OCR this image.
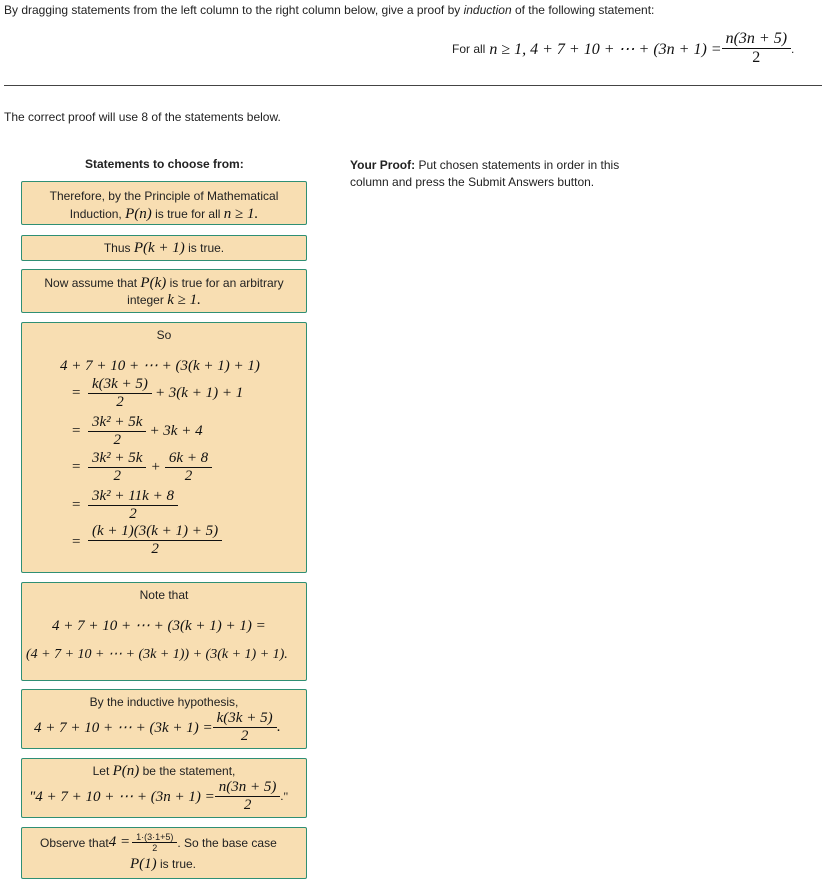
By dragging statements from the left column to the right column below, give a proof by induction of the following statement:
For all n ≥ 1, 4 + 7 + 10 + ⋯ + $(3n + 1) = \frac{n(3n + 5)}{2}$ .
The correct proof will use 8 of the statements below.
Statements to choose from:	Your Proof: Put chosen statements in order in this column and press the Submit Answers button.
Therefore, by the Principle of Mathematical
Induction, P(n) is true for all n ≥ 1.
Thus P(k + 1) is true.
Now assume that P(k) is true for an arbitrary
integer k ≥ 1.
So
4 + 7 + 10 + ⋯ + (3(k + 1) + 1)
= $\frac{k(3k + 5)}{2} + 3(k + 1) + 1$
= $\frac{\text{3k² + 5k}}{2} + 3k + 4$
= $\frac{\text{3k² + 5k}}{2} + \frac{6k + 8}{2}$
= $\frac{\text{3k² + 11k + 8}}{2}$
= $\frac{(k + 1)(3(k + 1) + 5)}{2}$
Note that
4 + 7 + 10 + ⋯ + (3(k + 1) + 1) =
(4 + 7 + 10 + ⋯ + (3k + 1)) + (3(k + 1) + 1).
By the inductive hypothesis,
4 + 7 + 10 + ⋯ + $(3k + 1) = \frac{k(3k + 5)}{2}$ .
Let P(n) be the statement,
"4 + 7 + 10 + ⋯ + $(3n + 1) = \frac{n(3n + 5)}{2}$ ."
Observe that $4 = \frac{1\cdot(3\cdot 1+5)}{2}$ . So the base case
P(1) is true.
